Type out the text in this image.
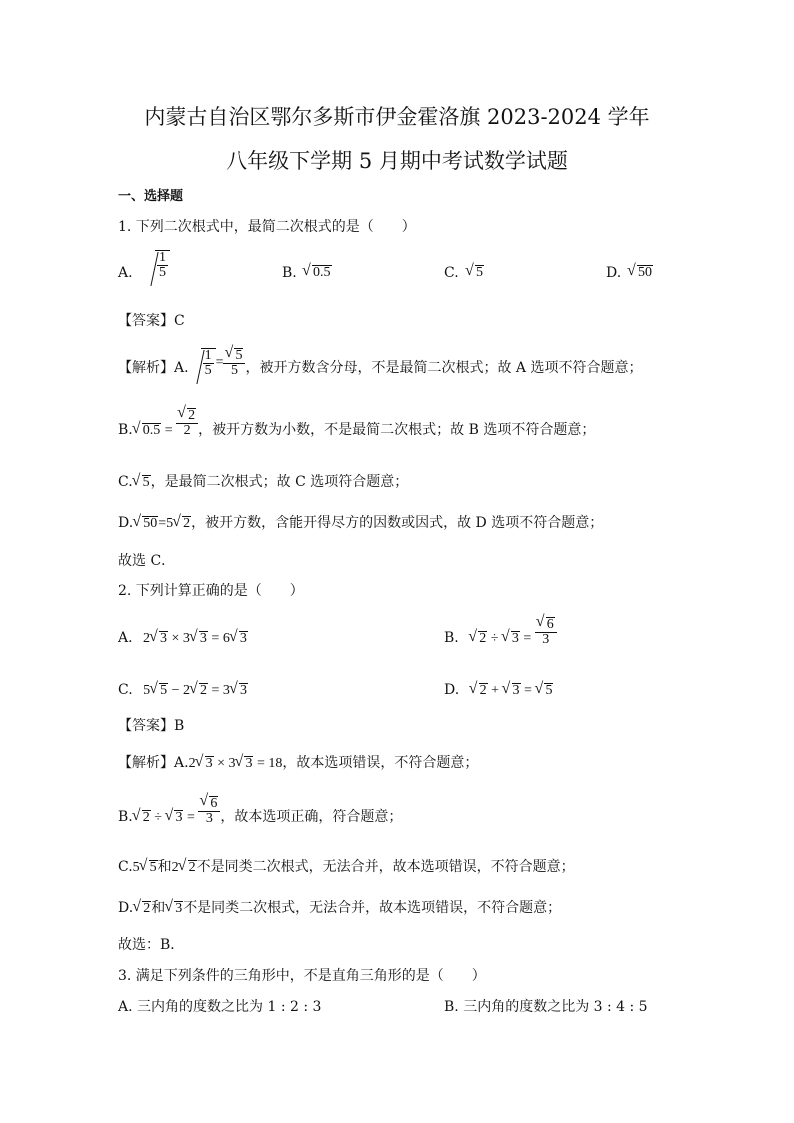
内蒙古自治区鄂尔多斯市伊金霍洛旗 2023-2024 学年
八年级下学期 5 月期中考试数学试题
一、选择题
1. 下列二次根式中，最简二次根式的是（　　）
A. $\frac{1}{5}$	B.	√ 0.5	C.	√ 5	D.	√ 50
【答案】C
【解析】A. $\frac{1}{5}$ = √ $\frac{5}{5}$ ，被开方数含分母，不是最简二次根式；故 A 选项不符合题意；
B. √ 0.5 = √ $\frac{2}{2}$ ，被开方数为小数，不是最简二次根式；故 B 选项不符合题意；
C. √ 5，是最简二次根式；故 C 选项符合题意；
D. √ 50=5 √ 2，被开方数，含能开得尽方的因数或因式，故 D 选项不符合题意；
故选 C．
2. 下列计算正确的是（　　）
A. 2 √ 3 × 3 √ 3 = 6 √ 3	B. √ 2 ÷ √ 3 = √ $\frac{6}{3}$
C. 5 √ 5 − 2 √ 2 = 3 √ 3	D. √ 2 + √ 3 = √ 5
【答案】B
【解析】A.2 √ 3 × 3 √ 3 = 18，故本选项错误，不符合题意；
B. √ 2 ÷ √ 3 = √ $\frac{6}{3}$ ，故本选项正确，符合题意；
C.5 √ 5和2 √ 2不是同类二次根式，无法合并，故本选项错误，不符合题意；
D. √ 2和 √ 3不是同类二次根式，无法合并，故本选项错误，不符合题意；
故选：B．
3. 满足下列条件的三角形中，不是直角三角形的是（　　）
A. 三内角的度数之比为 1 : 2 : 3	B. 三内角的度数之比为 3 : 4 : 5
